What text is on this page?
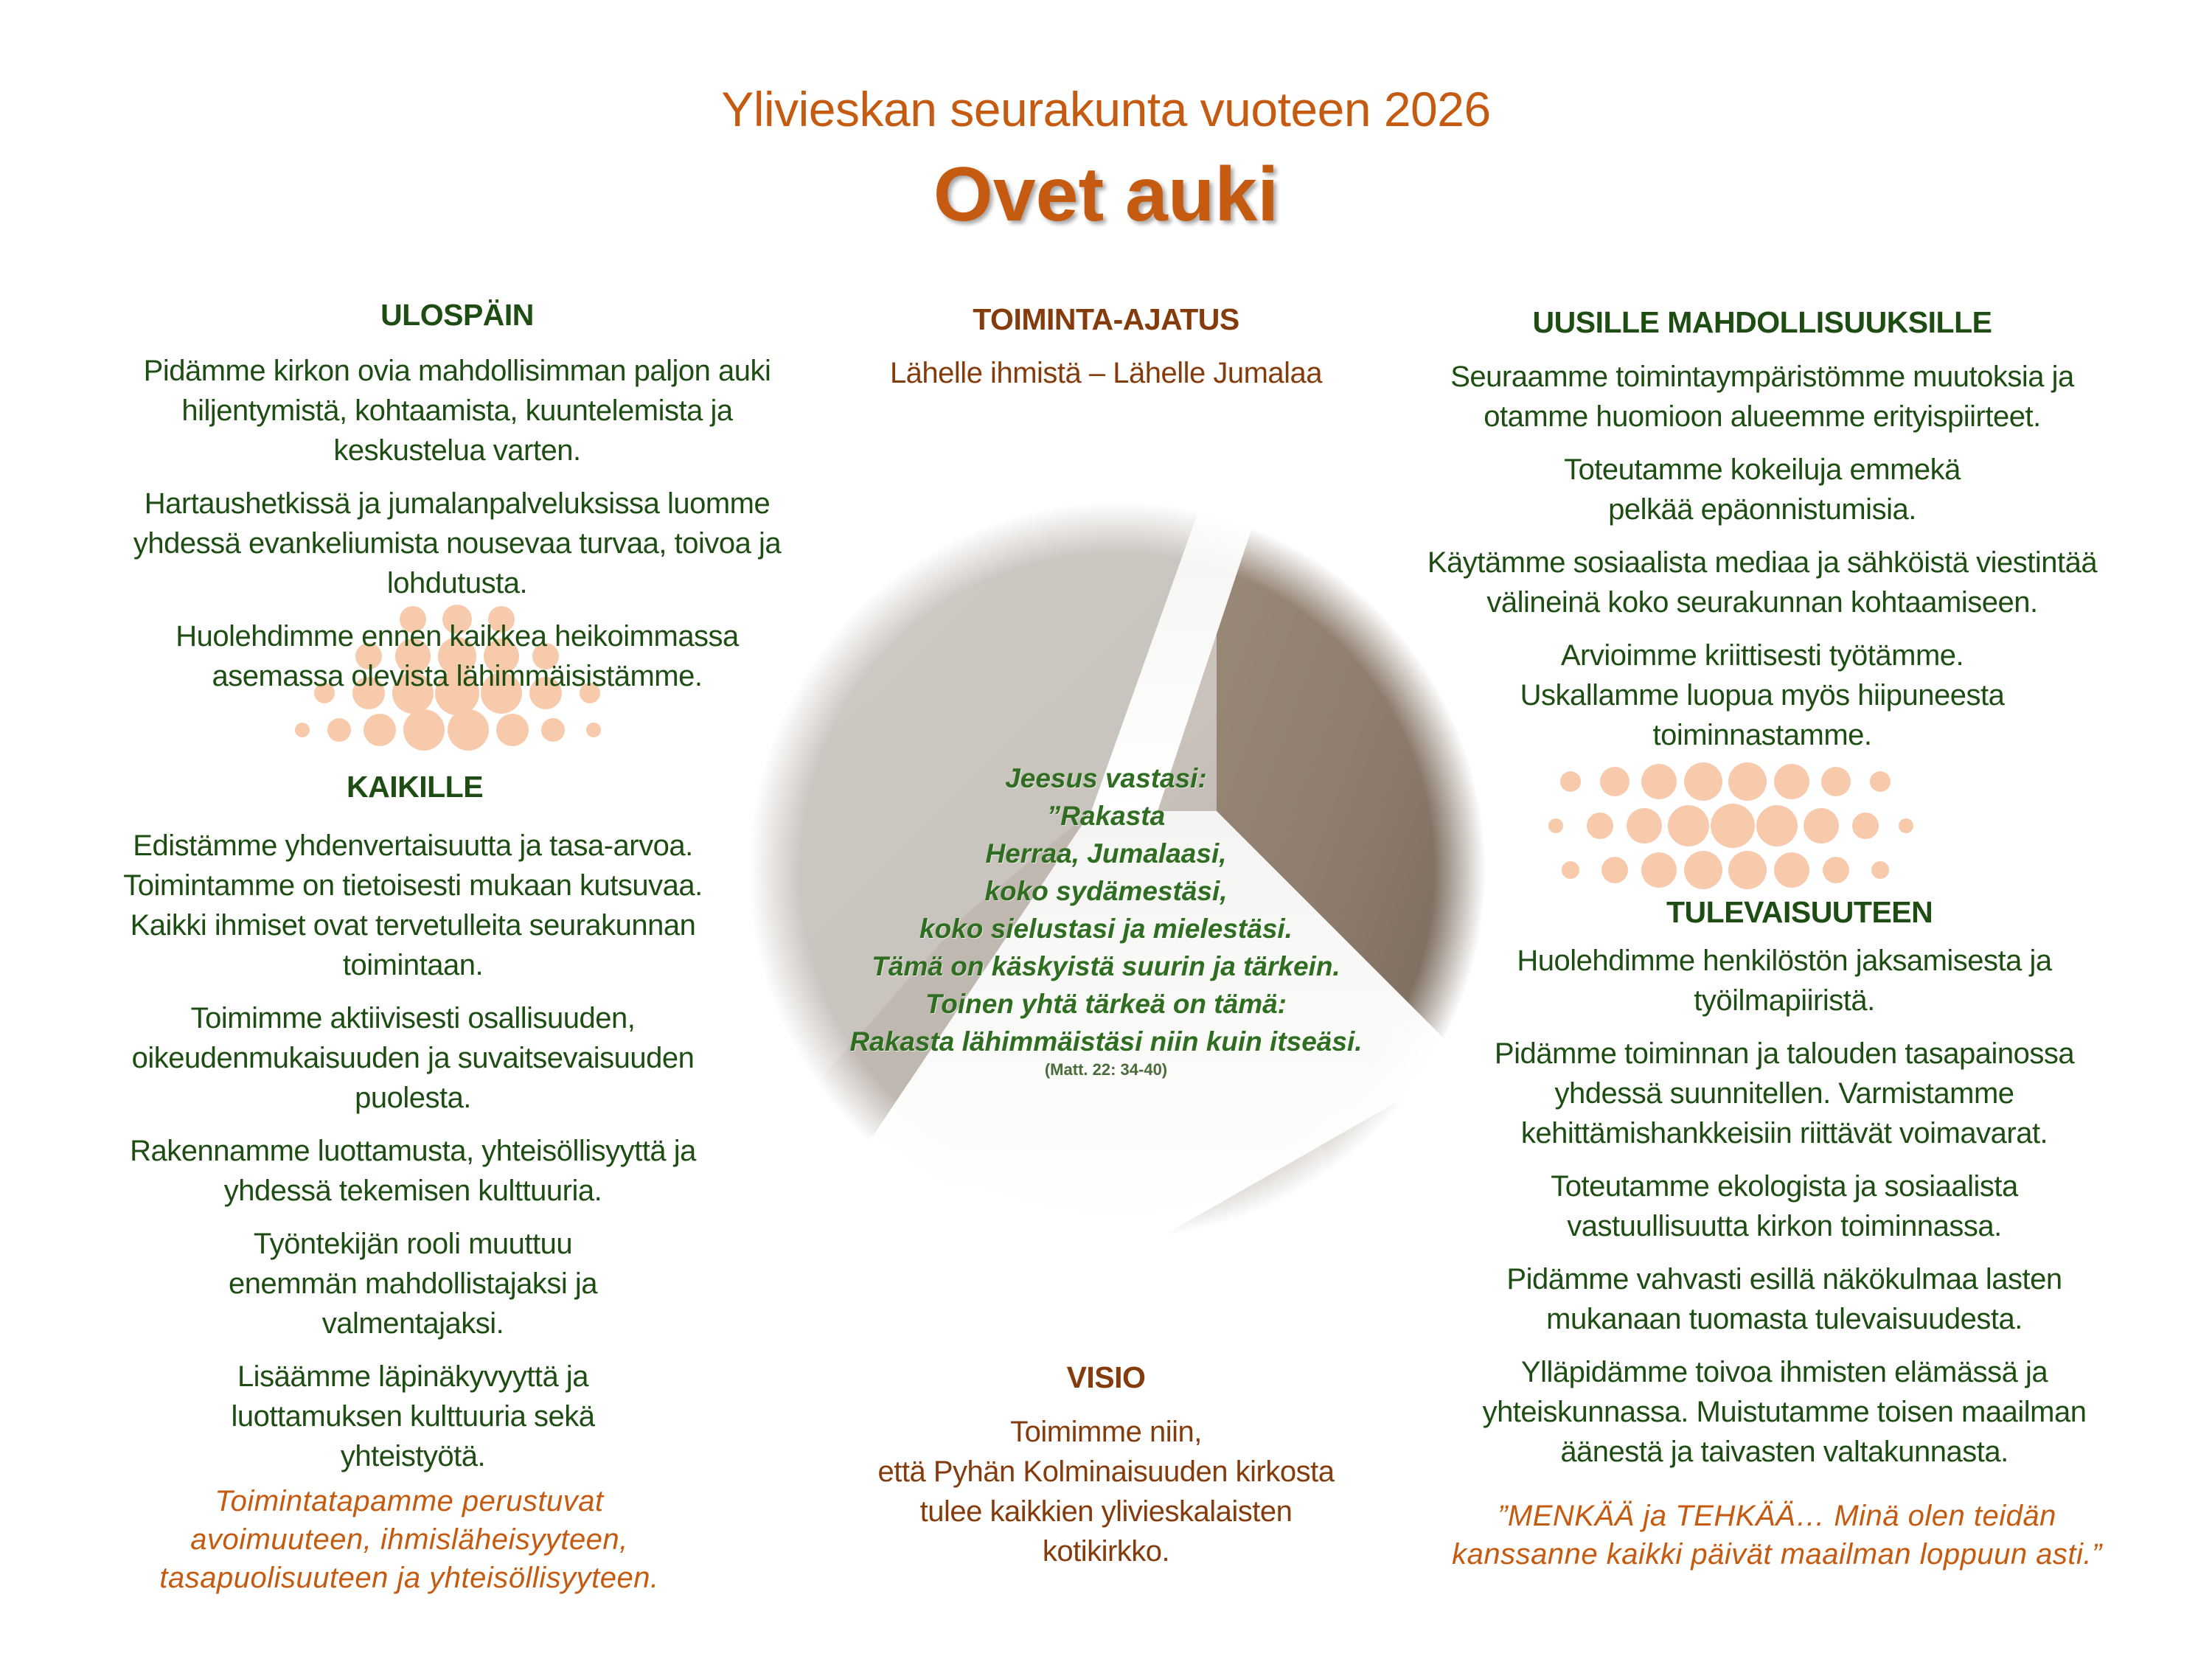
Ylivieskan seurakunta vuoteen 2026
Ovet auki
ULOSPÄIN

Pidämme kirkon ovia mahdollisimman paljon auki hiljentymistä, kohtaamista, kuuntelemista ja keskustelua varten.

Hartaushetkissä ja jumalanpalveluksissa luomme yhdessä evankeliumista nousevaa turvaa, toivoa ja lohdutusta.

Huolehdimme ennen kaikkea heikoimmassa asemassa olevista lähimmäisistämme.

KAIKILLE

Edistämme yhdenvertaisuutta ja tasa-arvoa. Toimintamme on tietoisesti mukaan kutsuvaa. Kaikki ihmiset ovat tervetulleita seurakunnan toimintaan.

Toimimme aktiivisesti osallisuuden, oikeudenmukaisuuden ja suvaitsevaisuuden puolesta.

Rakennamme luottamusta, yhteisöllisyyttä ja yhdessä tekemisen kulttuuria.

Työntekijän rooli muuttuu enemmän mahdollistajaksi ja valmentajaksi.

Lisäämme läpinäkyvyyttä ja luottamuksen kulttuuria sekä yhteistyötä.

Toimintatapamme perustuvat avoimuuteen, ihmisläheisyyteen, tasapuolisuuteen ja yhteisöllisyyteen.
TOIMINTA-AJATUS
Lähelle ihmistä – Lähelle Jumalaa
Jeesus vastasi:
”Rakasta
Herraa, Jumalaasi,
koko sydämestäsi,
koko sielustasi ja mielestäsi.
Tämä on käskyistä suurin ja tärkein.
Toinen yhtä tärkeä on tämä:
Rakasta lähimmäistäsi niin kuin itseäsi.
(Matt. 22: 34-40)
VISIO
Toimimme niin,
että Pyhän Kolminaisuuden kirkosta
tulee kaikkien ylivieskalaisten
kotikirkko.
UUSILLE MAHDOLLISUUKSILLE

Seuraamme toimintaympäristömme muutoksia ja otamme huomioon alueemme erityispiirteet.

Toteutamme kokeiluja emmekä pelkää epäonnistumisia.

Käytämme sosiaalista mediaa ja sähköistä viestintää välineinä koko seurakunnan kohtaamiseen.

Arvioimme kriittisesti työtämme. Uskallamme luopua myös hiipuneesta toiminnastamme.

TULEVAISUUTEEN

Huolehdimme henkilöstön jaksamisesta ja työilmapiiristä.

Pidämme toiminnan ja talouden tasapainossa yhdessä suunnitellen. Varmistamme kehittämishankkeisiin riittävät voimavarat.

Toteutamme ekologista ja sosiaalista vastuullisuutta kirkon toiminnassa.

Pidämme vahvasti esillä näkökulmaa lasten mukanaan tuomasta tulevaisuudesta.

Ylläpidämme toivoa ihmisten elämässä ja yhteiskunnassa. Muistutamme toisen maailman äänestä ja taivasten valtakunnasta.

”MENKÄÄ ja TEHKÄÄ… Minä olen teidän kanssanne kaikki päivät maailman loppuun asti.”
